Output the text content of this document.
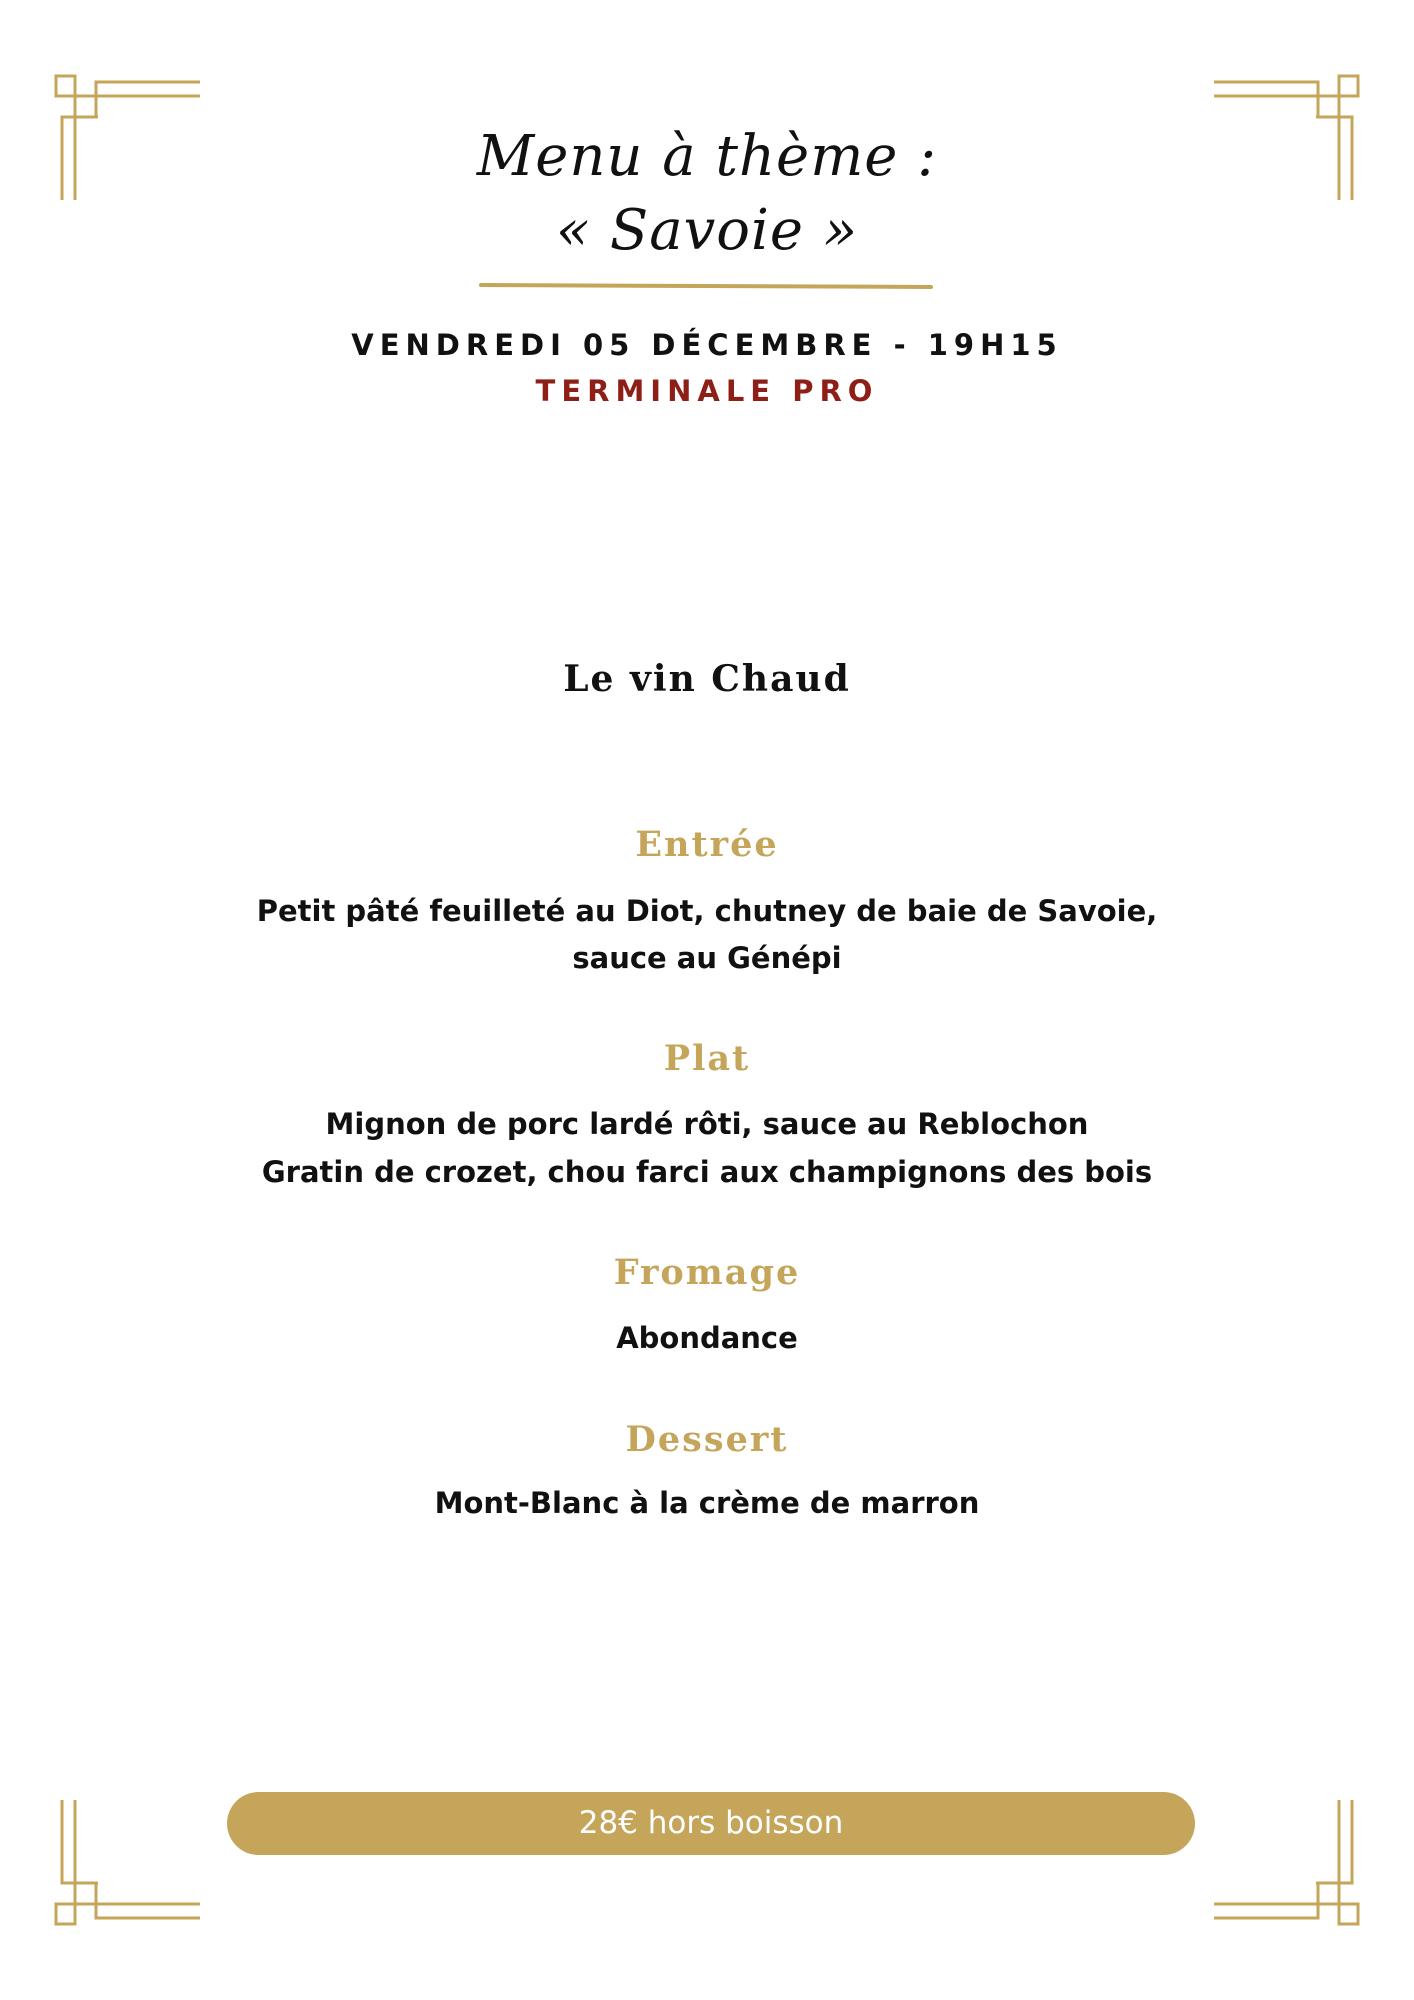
Menu à thème :
« Savoie »
VENDREDI 05 DÉCEMBRE - 19H15
TERMINALE PRO
Le vin Chaud
Entrée
Petit pâté feuilleté au Diot, chutney de baie de Savoie,
sauce au Génépi
Plat
Mignon de porc lardé rôti, sauce au Reblochon
Gratin de crozet, chou farci aux champignons des bois
Fromage
Abondance
Dessert
Mont-Blanc à la crème de marron
28€ hors boisson
